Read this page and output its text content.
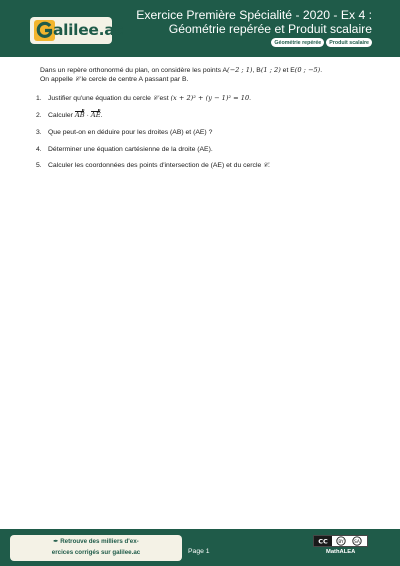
alilee.ac
Exercice Première Spécialité - 2020 - Ex 4 :
Géométrie repérée et Produit scalaire
Géométrie repérée	Produit scalaire

Dans un repère orthonormé du plan, on considère les points A(−2 ; 1), B(1 ; 2) et E(0 ; −5).

On appelle 𝒞 le cercle de centre A passant par B.

1. Justifier qu'une équation du cercle 𝒞 est (x + 2)² + (y − 1)² = 10.
2. Calculer AB · AE.
3. Que peut-on en déduire pour les droites (AB) et (AE) ?
4. Déterminer une équation cartésienne de la droite (AE).
5. Calculer les coordonnées des points d'intersection de (AE) et du cercle 𝒞.
✒ Retrouve des milliers d'ex-
ercices corrigés sur galilee.ac	Page 1
CC BY SA
MathALEA
